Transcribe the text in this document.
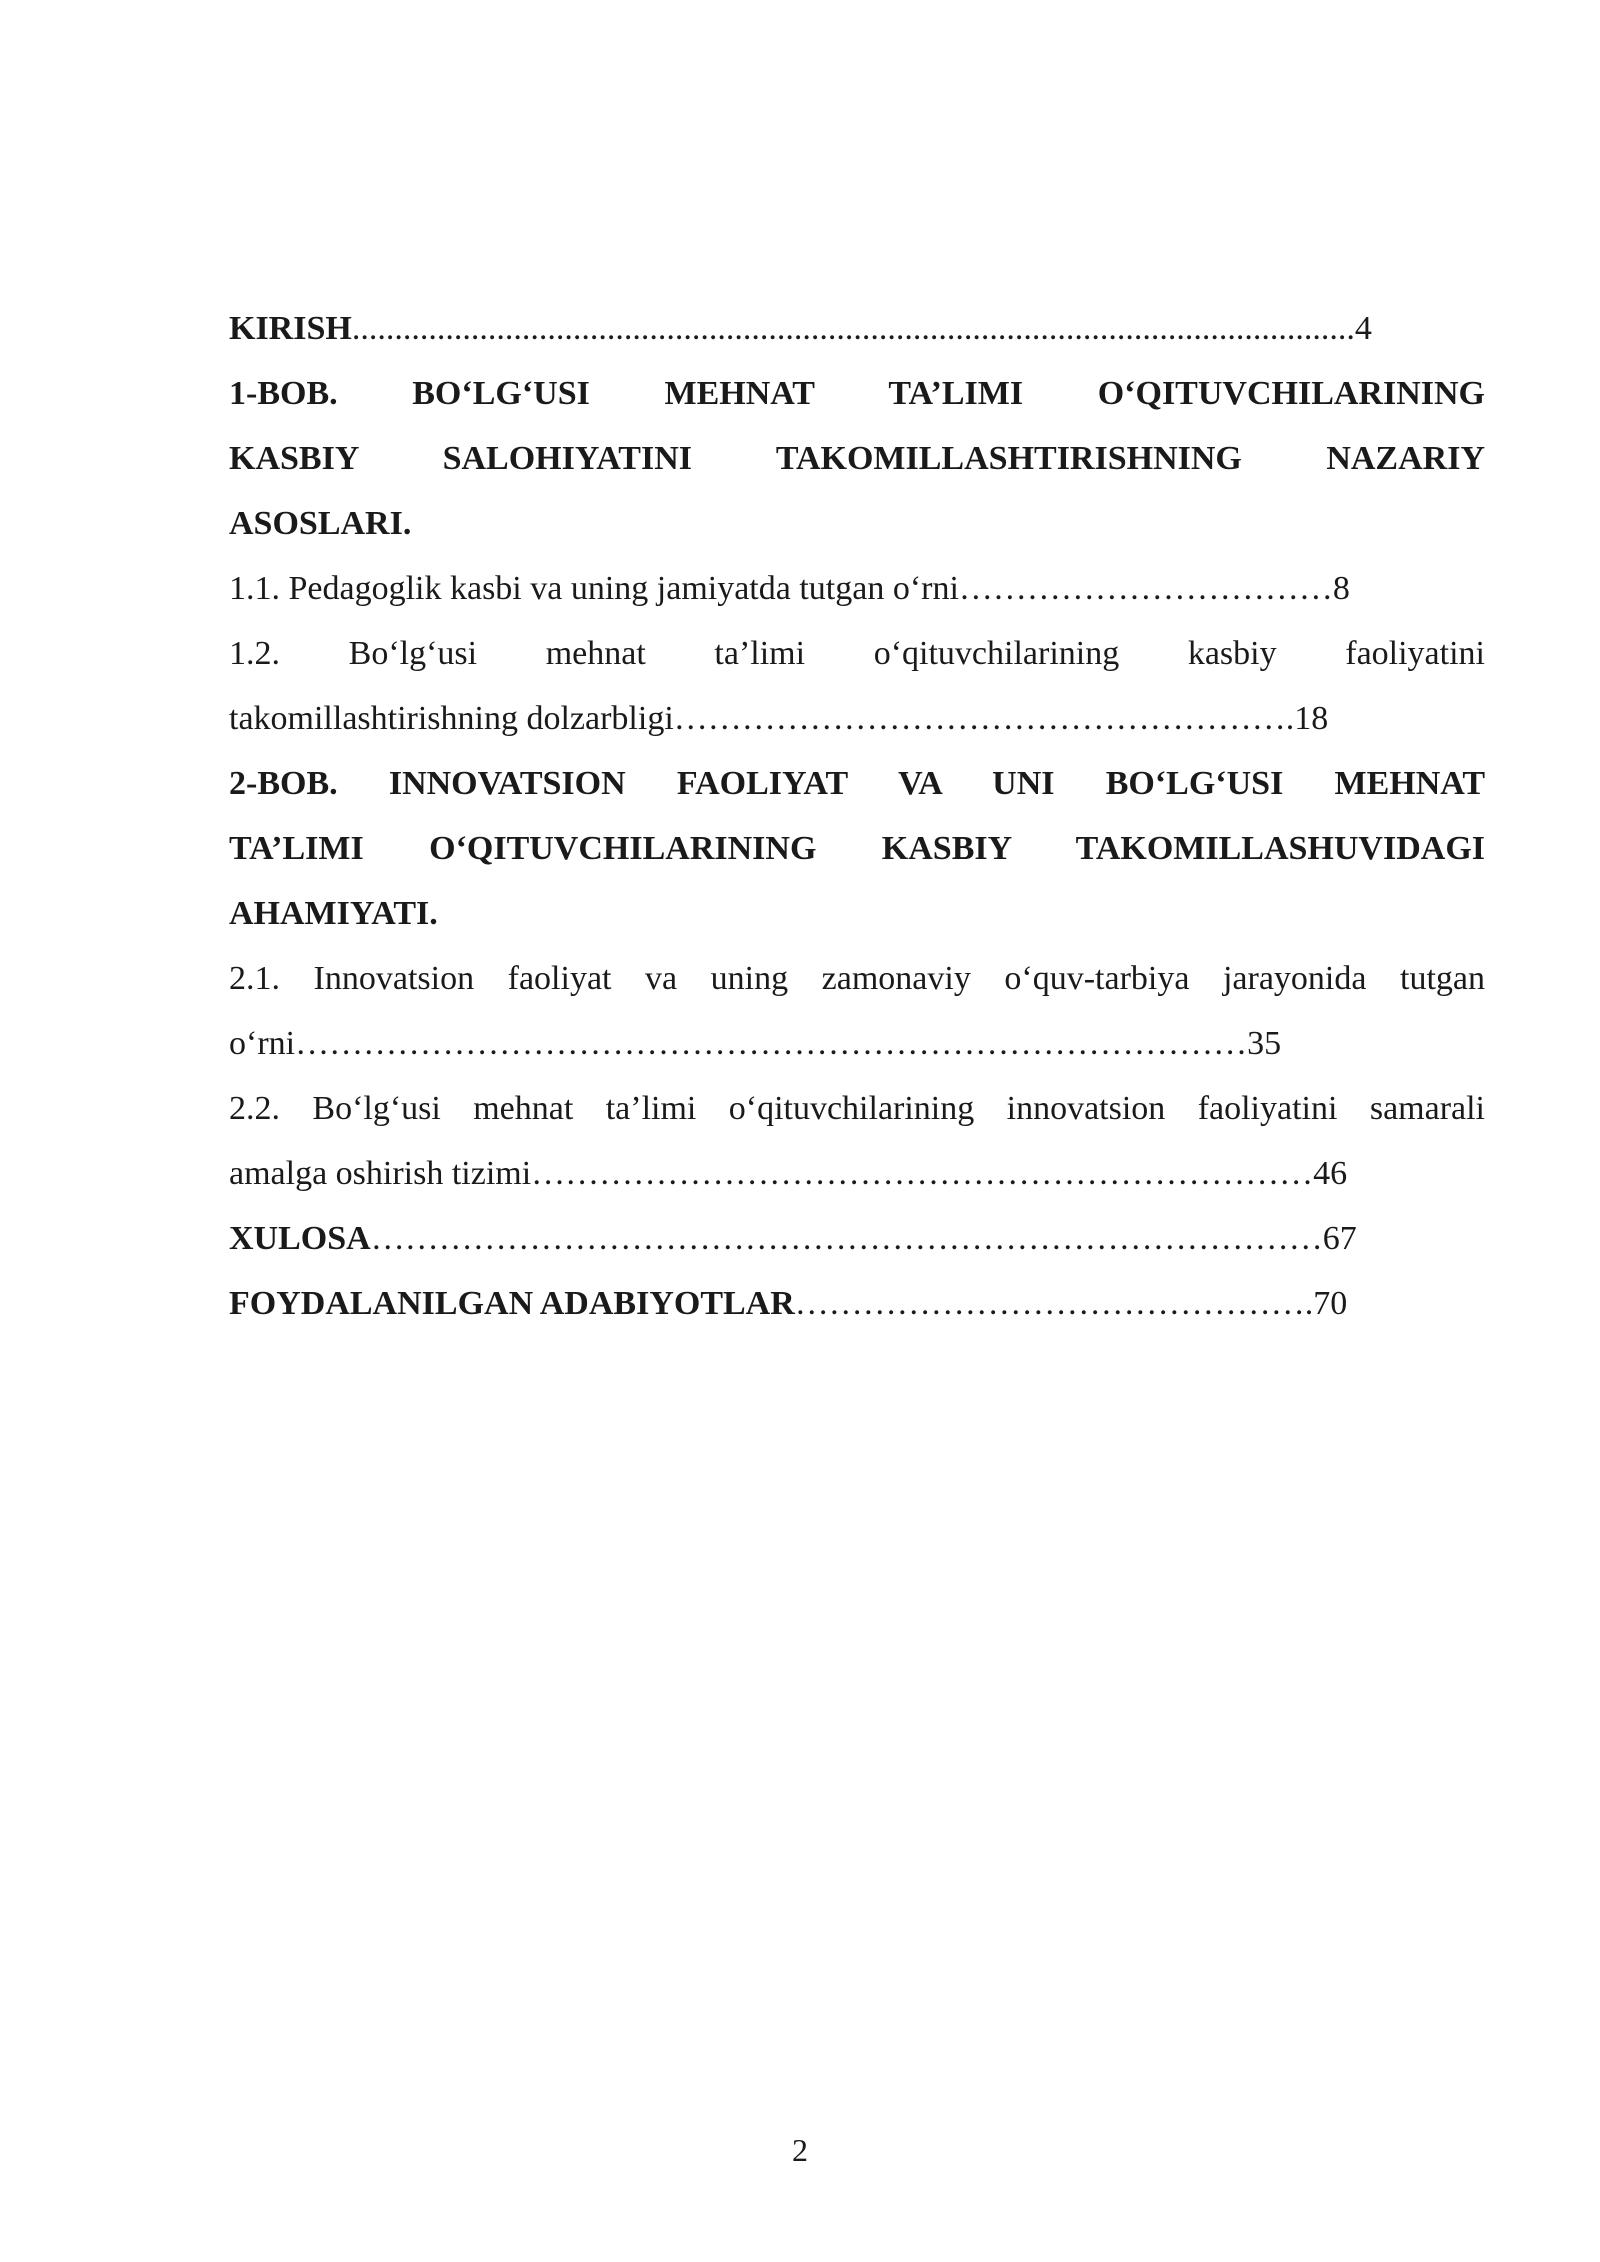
KIRISH ...................................................................................................................... 4
1-BOB. BO‘LG‘USI MEHNAT TA’LIMI O‘QITUVCHILARINING
KASBIY SALOHIYATINI TAKOMILLASHTIRISHNING NAZARIY
ASOSLARI.
1.1. Pedagoglik kasbi va uning jamiyatda tutgan o‘rni …………………………… 8
1.2. Bo‘lg‘usi mehnat ta’limi o‘qituvchilarining kasbiy faoliyatini
takomillashtirishning dolzarbligi ………………………………………………. 18
2-BOB. INNOVATSION FAOLIYAT VA UNI BO‘LG‘USI MEHNAT
TA’LIMI O‘QITUVCHILARINING KASBIY TAKOMILLASHUVIDAGI
AHAMIYATI.
2.1. Innovatsion faoliyat va uning zamonaviy o‘quv-tarbiya jarayonida tutgan
o‘rni ………………………………………………………………………… 35
2.2. Bo‘lg‘usi mehnat ta’limi o‘qituvchilarining innovatsion faoliyatini samarali
amalga oshirish tizimi …………………………………………………………… 46
XULOSA ………………………………………………………………………… 67
FOYDALANILGAN ADABIYOTLAR ………………………………………. 70
2
